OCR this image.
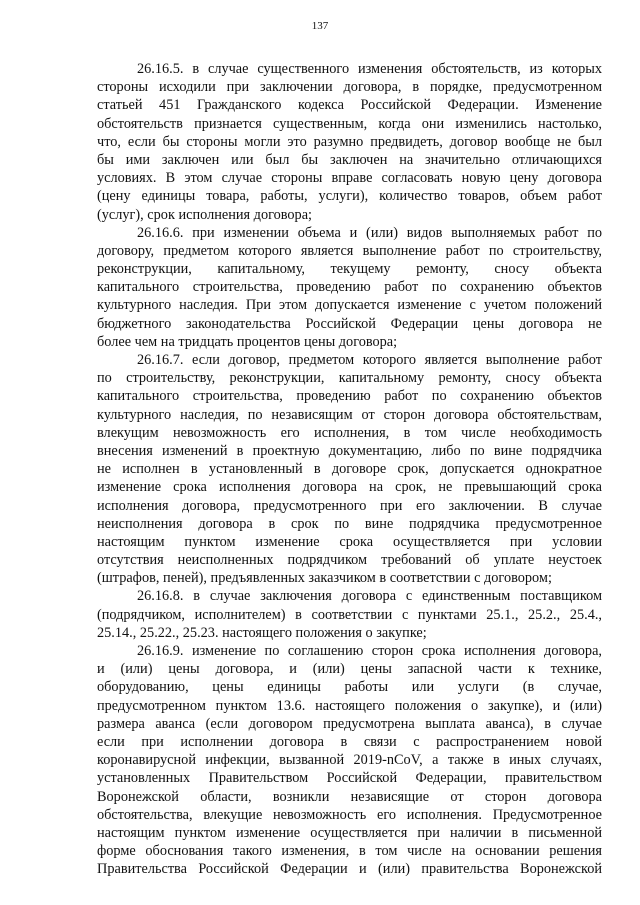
137
26.16.5. в случае существенного изменения обстоятельств, из которых
стороны исходили при заключении договора, в порядке, предусмотренном
статьей 451 Гражданского кодекса Российской Федерации. Изменение
обстоятельств признается существенным, когда они изменились настолько,
что, если бы стороны могли это разумно предвидеть, договор вообще не был
бы ими заключен или был бы заключен на значительно отличающихся
условиях. В этом случае стороны вправе согласовать новую цену договора
(цену единицы товара, работы, услуги), количество товаров, объем работ
(услуг), срок исполнения договора;
26.16.6. при изменении объема и (или) видов выполняемых работ по
договору, предметом которого является выполнение работ по строительству,
реконструкции, капитальному, текущему ремонту, сносу объекта
капитального строительства, проведению работ по сохранению объектов
культурного наследия. При этом допускается изменение с учетом положений
бюджетного законодательства Российской Федерации цены договора не
более чем на тридцать процентов цены договора;
26.16.7. если договор, предметом которого является выполнение работ
по строительству, реконструкции, капитальному ремонту, сносу объекта
капитального строительства, проведению работ по сохранению объектов
культурного наследия, по независящим от сторон договора обстоятельствам,
влекущим невозможность его исполнения, в том числе необходимость
внесения изменений в проектную документацию, либо по вине подрядчика
не исполнен в установленный в договоре срок, допускается однократное
изменение срока исполнения договора на срок, не превышающий срока
исполнения договора, предусмотренного при его заключении. В случае
неисполнения договора в срок по вине подрядчика предусмотренное
настоящим пунктом изменение срока осуществляется при условии
отсутствия неисполненных подрядчиком требований об уплате неустоек
(штрафов, пеней), предъявленных заказчиком в соответствии с договором;
26.16.8. в случае заключения договора с единственным поставщиком
(подрядчиком, исполнителем) в соответствии с пунктами 25.1., 25.2., 25.4.,
25.14., 25.22., 25.23. настоящего положения о закупке;
26.16.9. изменение по соглашению сторон срока исполнения договора,
и (или) цены договора, и (или) цены запасной части к технике,
оборудованию, цены единицы работы или услуги (в случае,
предусмотренном пунктом 13.6. настоящего положения о закупке), и (или)
размера аванса (если договором предусмотрена выплата аванса), в случае
если при исполнении договора в связи с распространением новой
коронавирусной инфекции, вызванной 2019-nCoV, а также в иных случаях,
установленных Правительством Российской Федерации, правительством
Воронежской области, возникли независящие от сторон договора
обстоятельства, влекущие невозможность его исполнения. Предусмотренное
настоящим пунктом изменение осуществляется при наличии в письменной
форме обоснования такого изменения, в том числе на основании решения
Правительства Российской Федерации и (или) правительства Воронежской
